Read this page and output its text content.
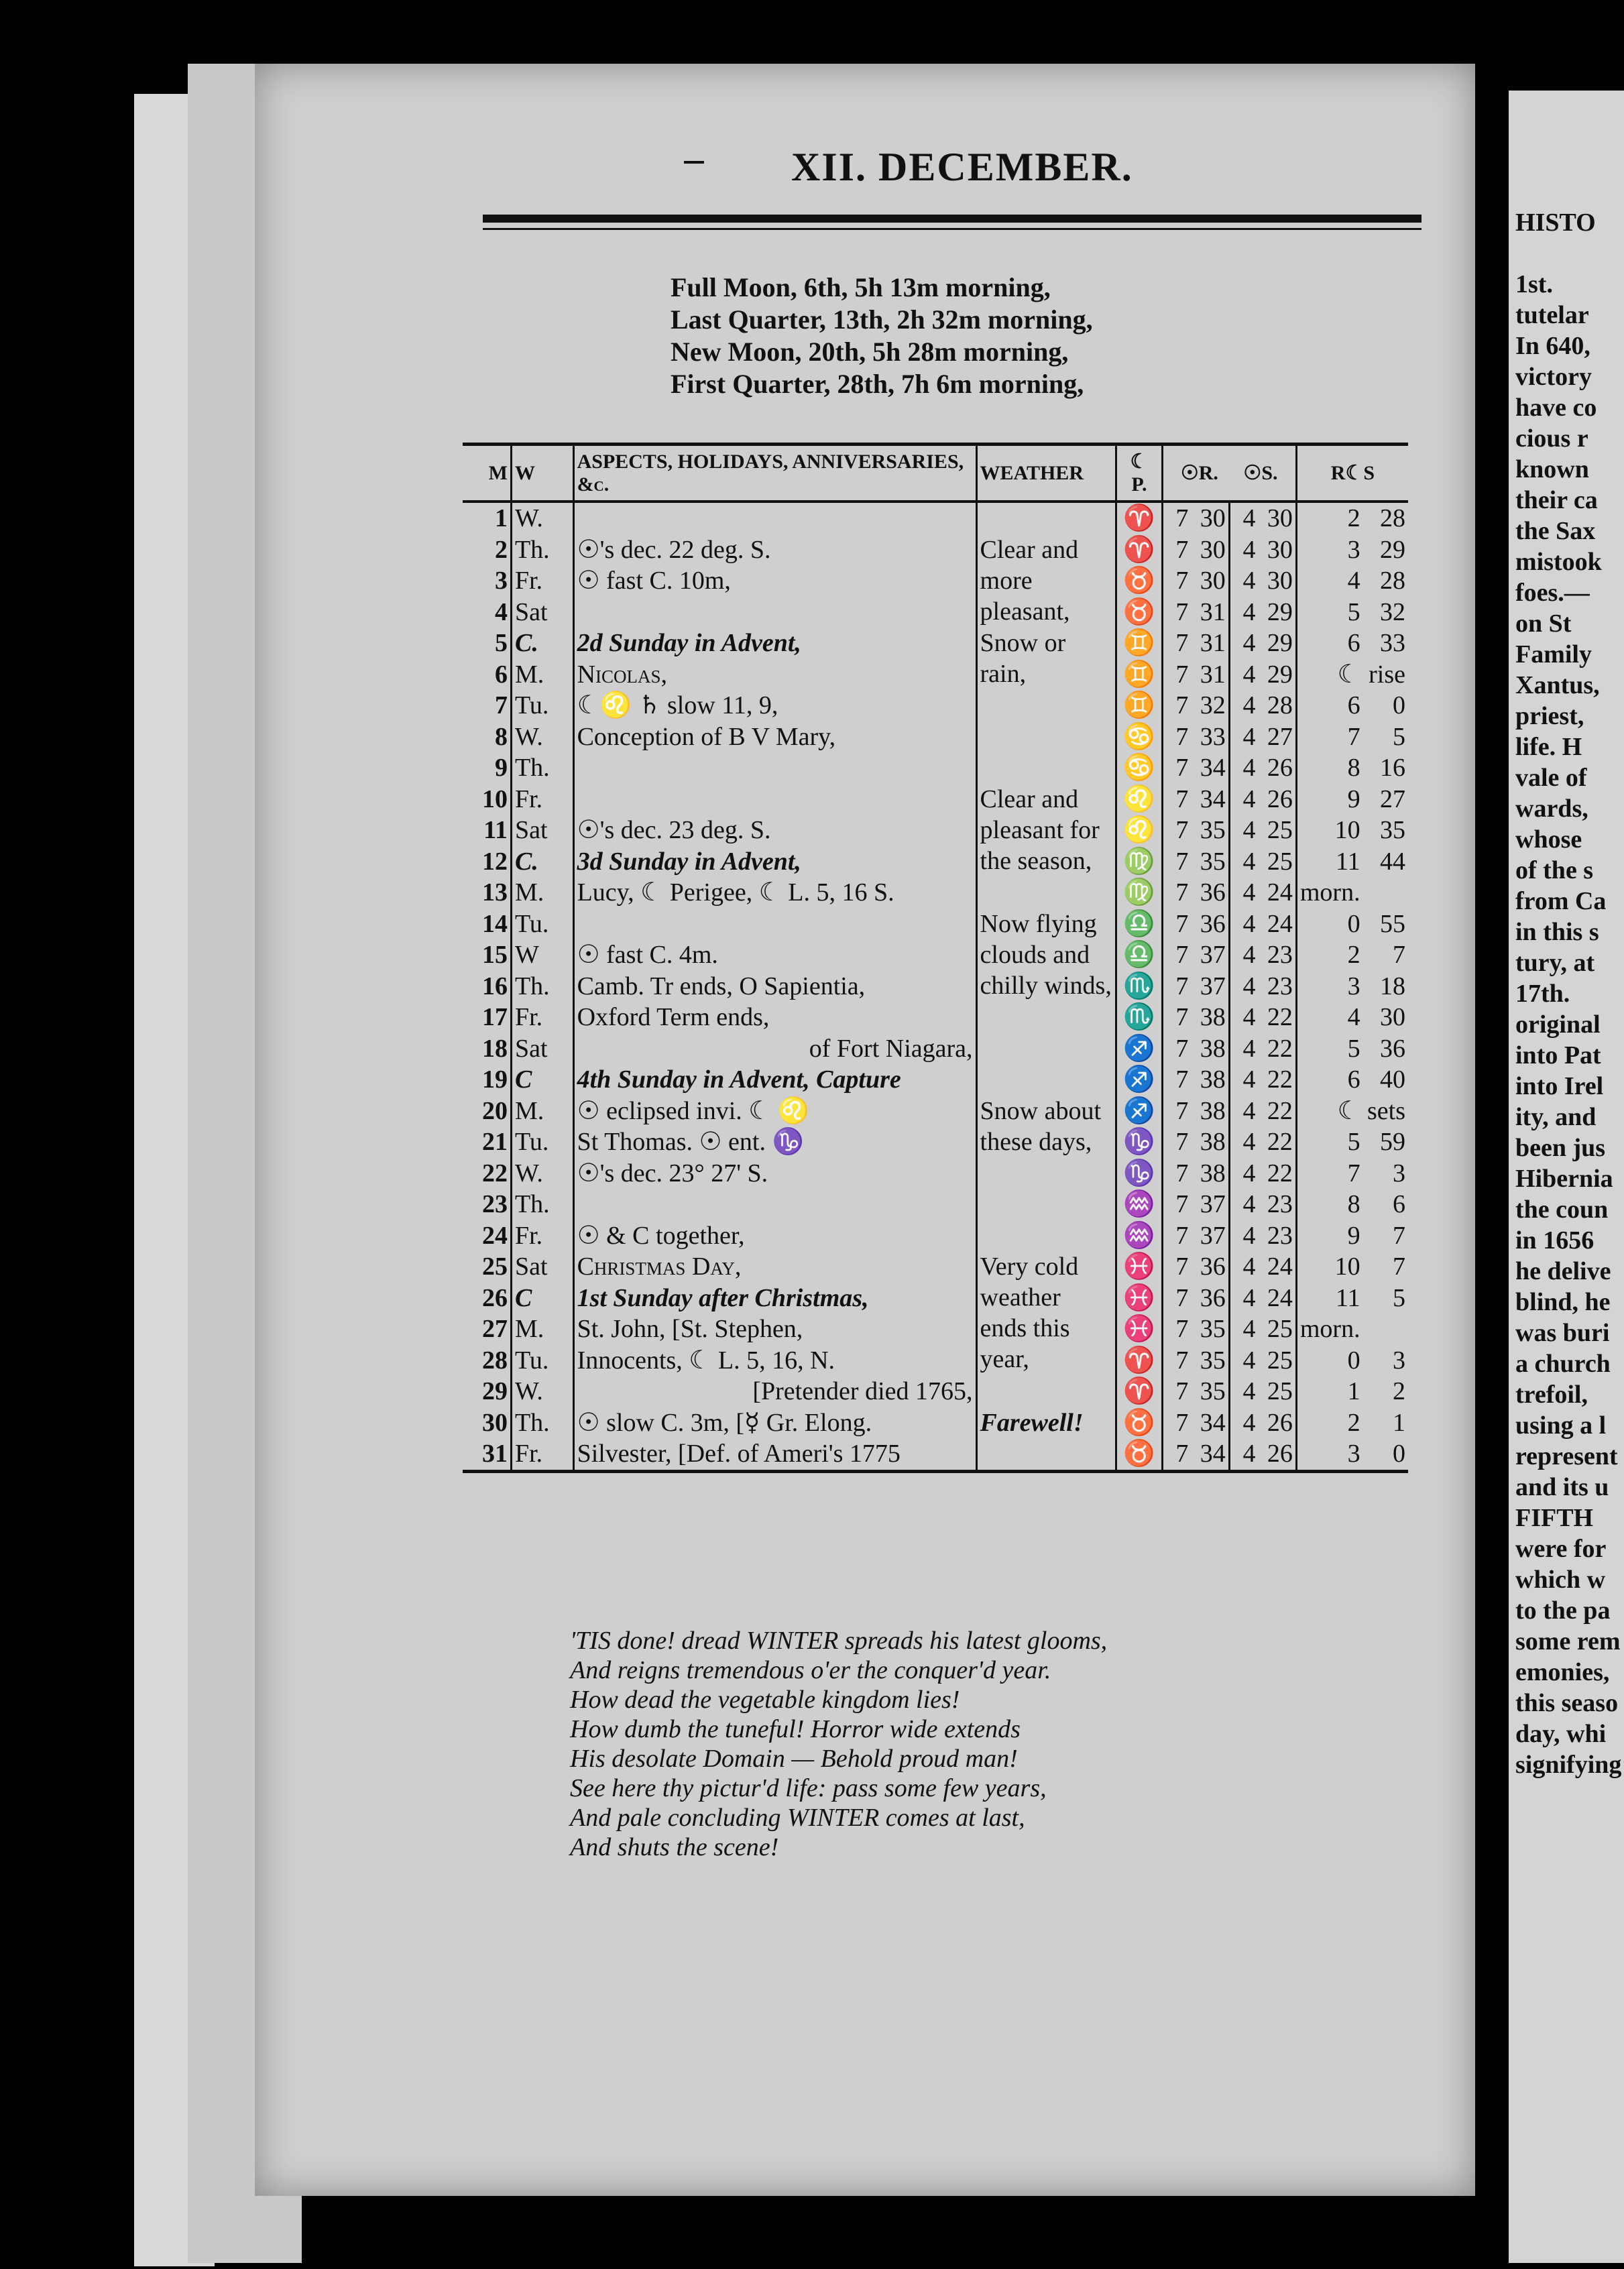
HISTO
1st.
tutelar
In 640,
victory
have co
cious r
known
their ca
the Sax
mistook
foes.—
on St
Family
Xantus,
priest,
life. H
vale of
wards,
whose
of the s
from Ca
in this s
tury, at
17th.
original
into Pat
into Irel
ity, and
been jus
Hibernia
the coun
in 1656
he delive
blind, he
was buri
a church
trefoil,
using a l
represent
and its u
FIFTH
were for
which w
to the pa
some rem
emonies,
this seaso
day, whi
signifying
XII. DECEMBER.
Full Moon, 6th, 5h 13m morning,
Last Quarter, 13th, 2h 32m morning,
New Moon, 20th, 5h 28m morning,
First Quarter, 28th, 7h 6m morning,
M	W	ASPECTS, HOLIDAYS, ANNIVERSARIES, &c.	WEATHER	☾ P.	☉R. ☉S.				R☾S	
1	W.			♈	7	30	4	30	2	28
2	Th.	☉'s dec. 22 deg. S.	Clear and more pleasant,	♈	7	30	4	30	3	29
3	Fr.	☉ fast C. 10m,		♉	7	30	4	30	4	28
4	Sat			♉	7	31	4	29	5	32
5	C.	2d Sunday in Advent,	Snow or rain,	♊	7	31	4	29	6	33
6	M.	Nicolas,		♊	7	31	4	29	☾	rise
7	Tu.	☾♌ ♄ slow 11, 9,		♊	7	32	4	28	6	0
8	W.	Conception of B V Mary,		♋	7	33	4	27	7	5
9	Th.			♋	7	34	4	26	8	16
10	Fr.		Clear and pleasant for the season,	♌	7	34	4	26	9	27
11	Sat	☉'s dec. 23 deg. S.		♌	7	35	4	25	10	35
12	C.	3d Sunday in Advent,		♍	7	35	4	25	11	44
13	M.	Lucy, ☾ Perigee, ☾ L. 5, 16 S.		♍	7	36	4	24	morn.	
14	Tu.		Now flying clouds and chilly winds,	♎	7	36	4	24	0	55
15	W	☉ fast C. 4m.		♎	7	37	4	23	2	7
16	Th.	Camb. Tr ends, O Sapientia,		♏	7	37	4	23	3	18
17	Fr.	Oxford Term ends,		♏	7	38	4	22	4	30
18	Sat	of Fort Niagara,		♐	7	38	4	22	5	36
19	C	4th Sunday in Advent, Capture		♐	7	38	4	22	6	40
20	M.	☉ eclipsed invi. ☾ ♌	Snow about these days,	♐	7	38	4	22	☾	sets
21	Tu.	St Thomas. ☉ ent. ♑		♑	7	38	4	22	5	59
22	W.	☉'s dec. 23° 27' S.		♑	7	38	4	22	7	3
23	Th.			♒	7	37	4	23	8	6
24	Fr.	☉ & C together,		♒	7	37	4	23	9	7
25	Sat	Christmas Day,	Very cold weather ends this year,	♓	7	36	4	24	10	7
26	C	1st Sunday after Christmas,		♓	7	36	4	24	11	5
27	M.	St. John, [St. Stephen,		♓	7	35	4	25	morn.	
28	Tu.	Innocents, ☾ L. 5, 16, N.		♈	7	35	4	25	0	3
29	W.	[Pretender died 1765,		♈	7	35	4	25	1	2
30	Th.	☉ slow C. 3m, [☿ Gr. Elong.	Farewell!	♉	7	34	4	26	2	1
31	Fr.	Silvester, [Def. of Ameri's 1775		♉	7	34	4	26	3	0
'TIS done! dread WINTER spreads his latest glooms,
And reigns tremendous o'er the conquer'd year.
How dead the vegetable kingdom lies!
How dumb the tuneful! Horror wide extends
His desolate Domain — Behold proud man!
See here thy pictur'd life: pass some few years,
And pale concluding WINTER comes at last,
And shuts the scene!
